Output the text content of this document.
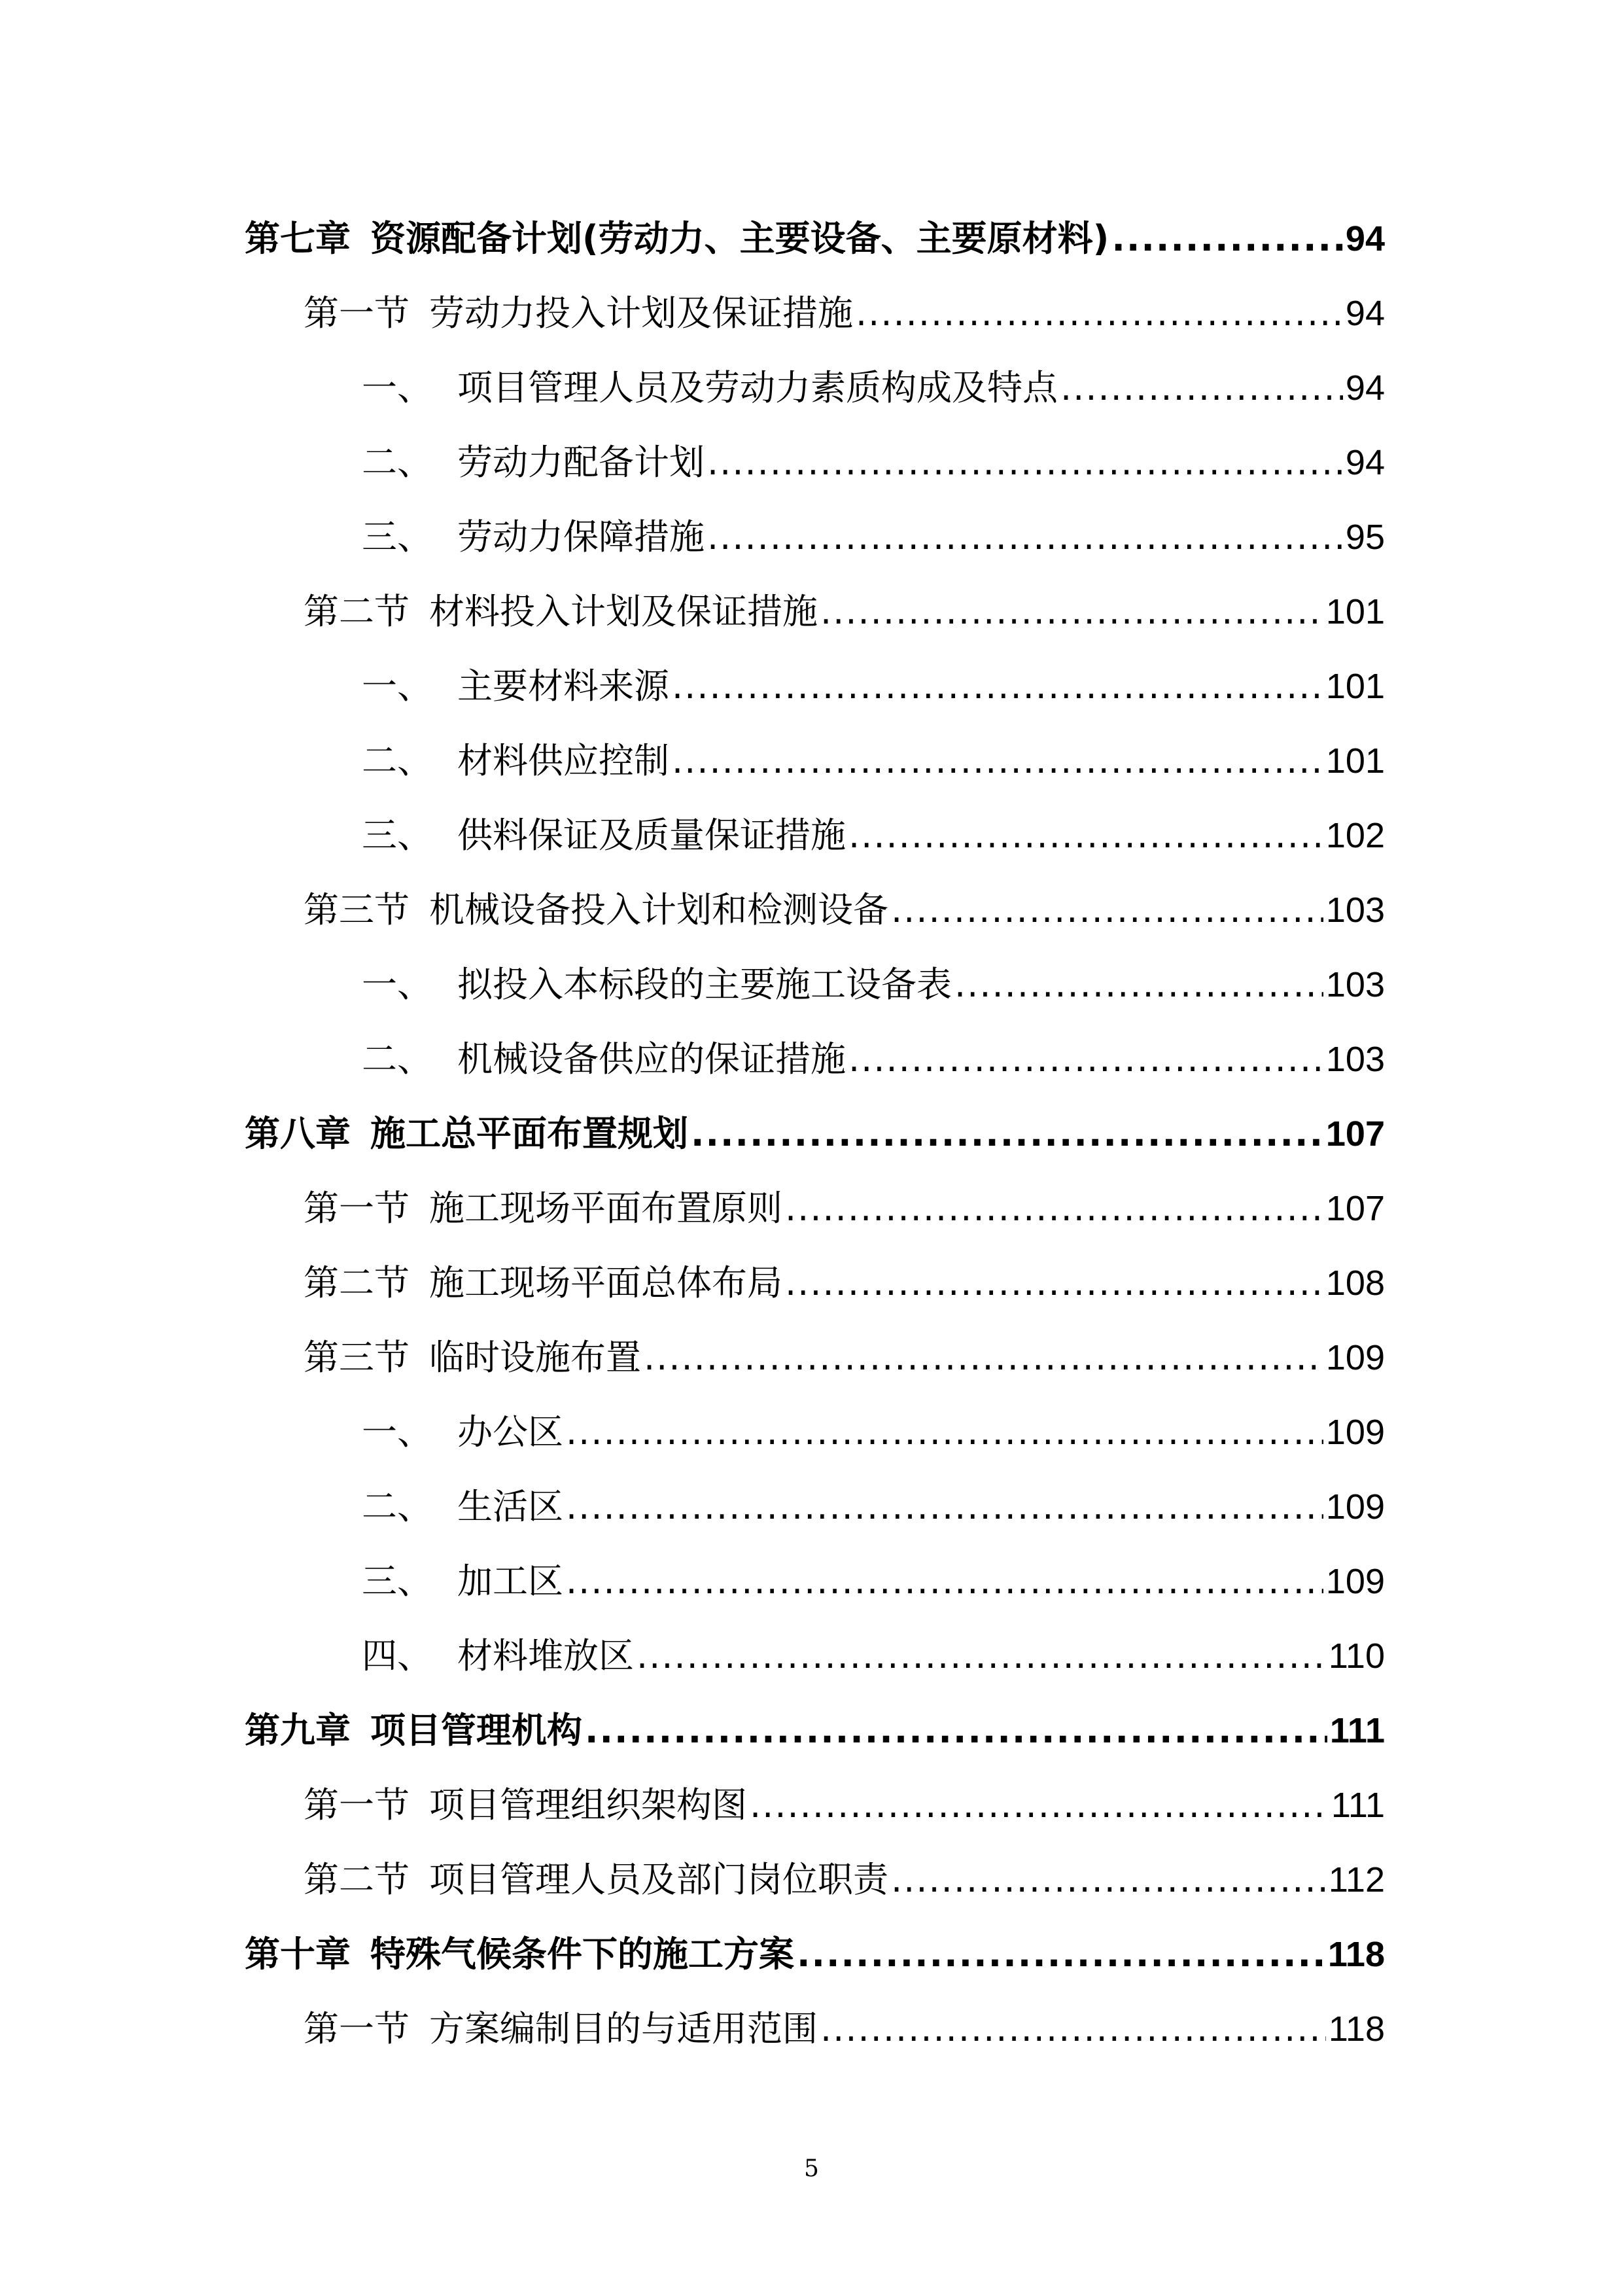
第七章 资源配备计划(劳动力、主要设备、主要原材料) .....	94
第一节 劳动力投入计划及保证措施 .....	94
一、 项目管理人员及劳动力素质构成及特点 .....	94
二、 劳动力配备计划 .....	94
三、 劳动力保障措施 .....	95
第二节 材料投入计划及保证措施 .....	101
一、 主要材料来源 .....	101
二、 材料供应控制 .....	101
三、 供料保证及质量保证措施 .....	102
第三节 机械设备投入计划和检测设备 .....	103
一、 拟投入本标段的主要施工设备表 .....	103
二、 机械设备供应的保证措施 .....	103
第八章 施工总平面布置规划 .....	107
第一节 施工现场平面布置原则 .....	107
第二节 施工现场平面总体布局 .....	108
第三节 临时设施布置 .....	109
一、 办公区 .....	109
二、 生活区 .....	109
三、 加工区 .....	109
四、 材料堆放区 .....	110
第九章 项目管理机构 .....	111
第一节 项目管理组织架构图 .....	111
第二节 项目管理人员及部门岗位职责 .....	112
第十章 特殊气候条件下的施工方案 .....	118
第一节 方案编制目的与适用范围 .....	118
5
